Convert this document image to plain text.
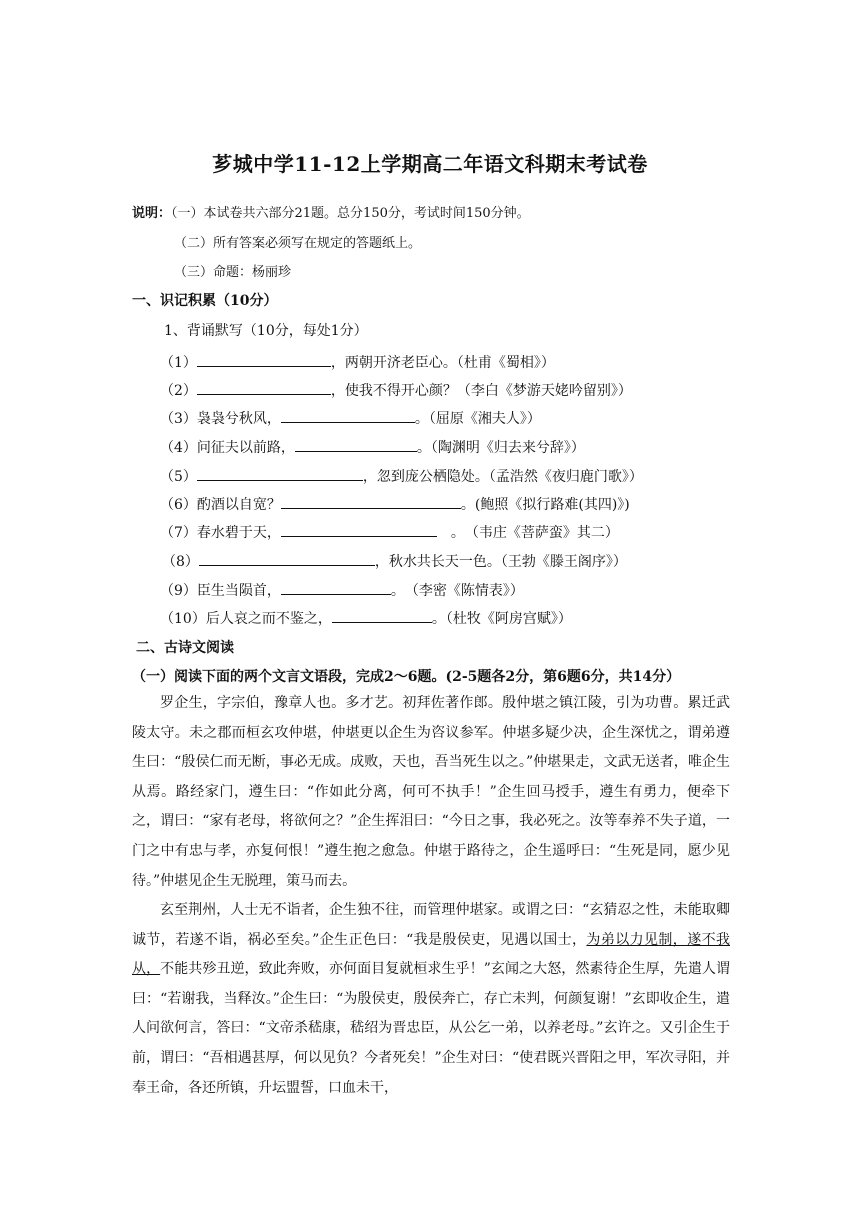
芗城中学11-12上学期高二年语文科期末考试卷
说明：（一）本试卷共六部分21题。总分150分，考试时间150分钟。
（二）所有答案必须写在规定的答题纸上。
（三）命题：杨丽珍
一、识记积累（10分）
1、背诵默写（10分，每处1分）
（1）	，两朝开济老臣心。（杜甫《蜀相》）
（2）	，使我不得开心颜？（李白《梦游天姥吟留别》）
（3）袅袅兮秋风，	。（屈原《湘夫人》）
（4）问征夫以前路，	。（陶渊明《归去来兮辞》）
（5）	，忽到庞公栖隐处。（孟浩然《夜归鹿门歌》）
（6）酌酒以自宽？	。(鲍照《拟行路难(其四)》)
（7）春水碧于天，	　。　（韦庄《菩萨蛮》其二）
（8）	，秋水共长天一色。（王勃《滕王阁序》）
（9）臣生当陨首，	。　（李密《陈情表》）
（10）后人哀之而不鉴之，	。（杜牧《阿房宫赋》）
二、古诗文阅读
（一）阅读下面的两个文言文语段，完成2～6题。(2-5题各2分，第6题6分，共14分）

罗企生，字宗伯，豫章人也。多才艺。初拜佐著作郎。殷仲堪之镇江陵，引为功曹。累迁武陵太守。未之郡而桓玄攻仲堪，仲堪更以企生为咨议参军。仲堪多疑少决，企生深忧之，谓弟遵生曰：“殷侯仁而无断，事必无成。成败，天也，吾当死生以之。”仲堪果走，文武无送者，唯企生从焉。路经家门，遵生曰：“作如此分离，何可不执手！”企生回马授手，遵生有勇力，便牵下之，谓曰：“家有老母，将欲何之？”企生挥泪曰：“今日之事，我必死之。汝等奉养不失子道，一门之中有忠与孝，亦复何恨！”遵生抱之愈急。仲堪于路待之，企生遥呼曰：“生死是同，愿少见待。”仲堪见企生无脱理，策马而去。

玄至荆州，人士无不诣者，企生独不往，而管理仲堪家。或谓之曰：“玄猜忍之性，未能取卿诚节，若遂不诣，祸必至矣。”企生正色曰：“我是殷侯吏，见遇以国士，为弟以力见制，遂不我从，不能共殄丑逆，致此奔败，亦何面目复就桓求生乎！”玄闻之大怒，然素待企生厚，先遣人谓曰：“若谢我，当释汝。”企生曰：“为殷侯吏，殷侯奔亡，存亡未判，何颜复谢！”玄即收企生，遣人问欲何言，答曰：“文帝杀嵇康，嵇绍为晋忠臣，从公乞一弟，以养老母。”玄许之。又引企生于前，谓曰：“吾相遇甚厚，何以见负？今者死矣！”企生对曰：“使君既兴晋阳之甲，军次寻阳，并奉王命，各还所镇，升坛盟誓，口血未干，
